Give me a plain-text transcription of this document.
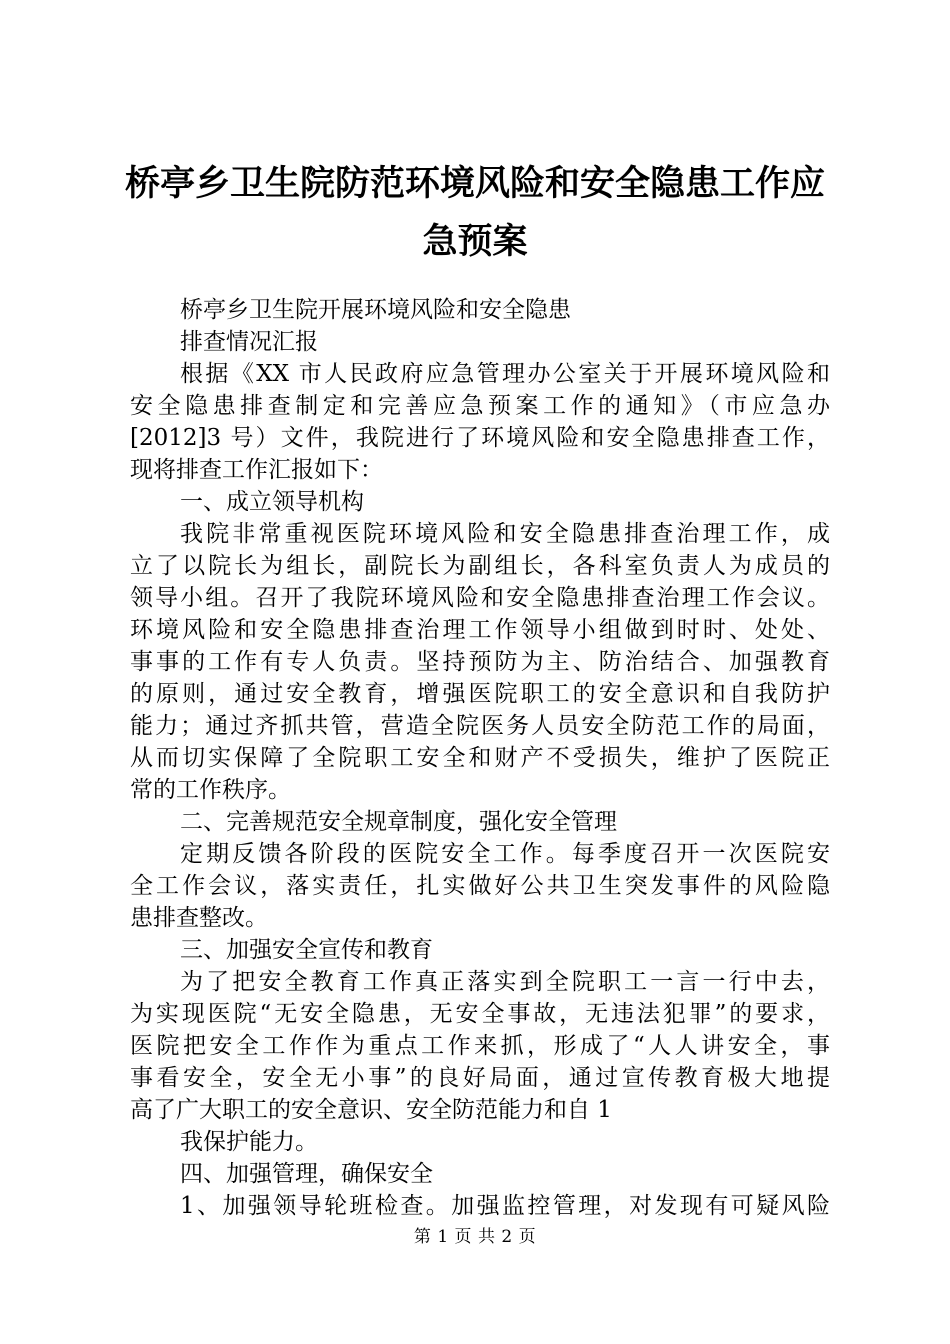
桥亭乡卫生院防范环境风险和安全隐患工作应
急预案
桥亭乡卫生院开展环境风险和安全隐患
排查情况汇报
根据《XX 市人民政府应急管理办公室关于开展环境风险和
安全隐患排查制定和完善应急预案工作的通知》（市应急办
[2012]3 号）文件，我院进行了环境风险和安全隐患排查工作，
现将排查工作汇报如下：
一、成立领导机构
我院非常重视医院环境风险和安全隐患排查治理工作，成
立了以院长为组长，副院长为副组长，各科室负责人为成员的
领导小组。召开了我院环境风险和安全隐患排查治理工作会议。
环境风险和安全隐患排查治理工作领导小组做到时时、处处、
事事的工作有专人负责。坚持预防为主、防治结合、加强教育
的原则，通过安全教育，增强医院职工的安全意识和自我防护
能力；通过齐抓共管，营造全院医务人员安全防范工作的局面，
从而切实保障了全院职工安全和财产不受损失，维护了医院正
常的工作秩序。
二、完善规范安全规章制度，强化安全管理
定期反馈各阶段的医院安全工作。每季度召开一次医院安
全工作会议，落实责任，扎实做好公共卫生突发事件的风险隐
患排查整改。
三、加强安全宣传和教育
为了把安全教育工作真正落实到全院职工一言一行中去，
为实现医院“无安全隐患，无安全事故，无违法犯罪”的要求，
医院把安全工作作为重点工作来抓，形成了“人人讲安全，事
事看安全，安全无小事”的良好局面，通过宣传教育极大地提
高了广大职工的安全意识、安全防范能力和自 1
我保护能力。
四、加强管理，确保安全
1、加强领导轮班检查。加强监控管理，对发现有可疑风险
第 1 页 共 2 页
